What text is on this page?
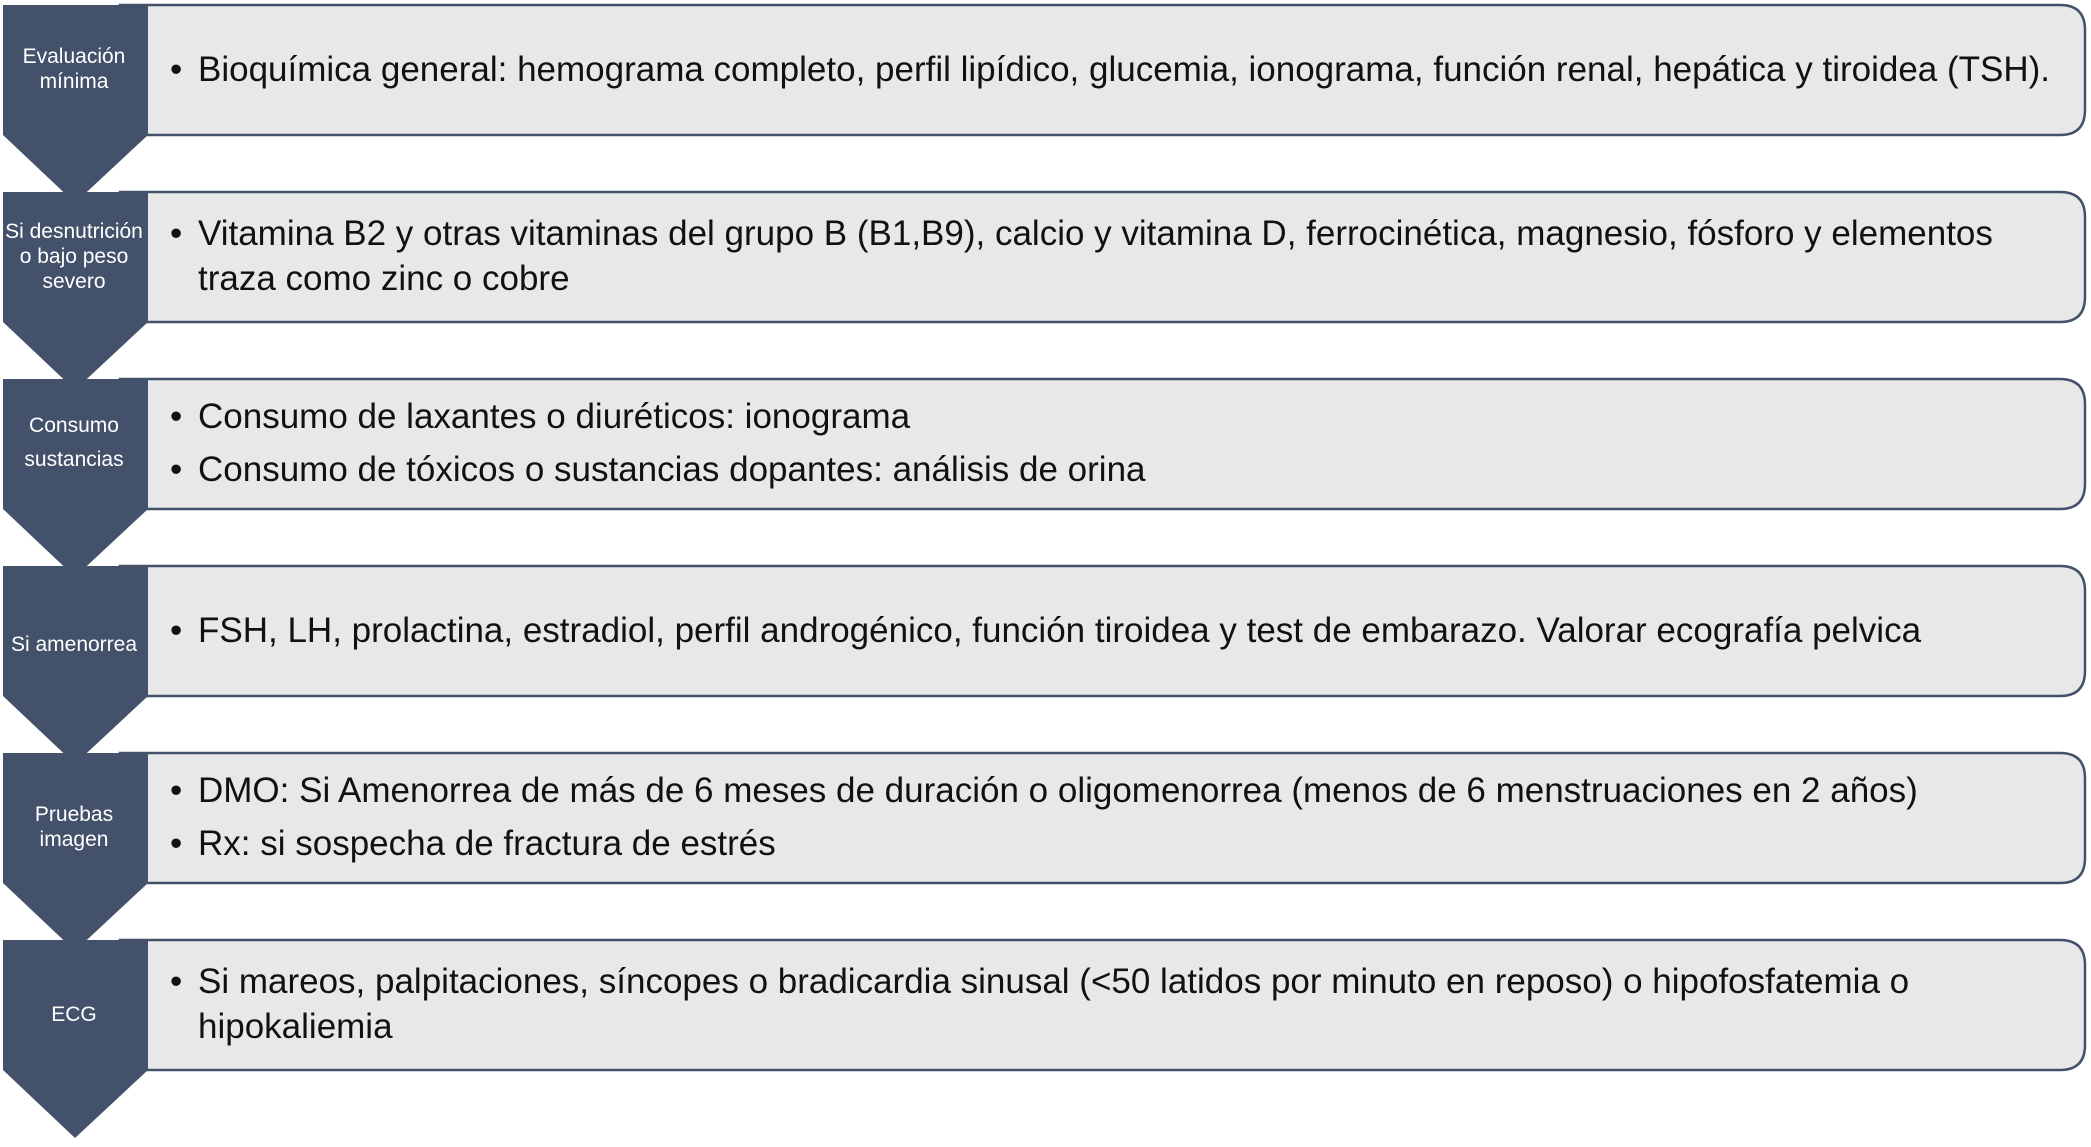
Evaluación
mínima	• Bioquímica general: hemograma completo, perfil lipídico, glucemia, ionograma, función renal, hepática y tiroidea (TSH).
Si desnutrición
o bajo peso
severo
• Vitamina B2 y otras vitaminas del grupo B (B1,B9), calcio y vitamina D, ferrocinética, magnesio, fósforo y elementos traza como zinc o cobre
Consumo
sustancias
• Consumo de laxantes o diuréticos: ionograma
• Consumo de tóxicos o sustancias dopantes: análisis de orina
Si amenorrea • FSH, LH, prolactina, estradiol, perfil androgénico, función tiroidea y test de embarazo. Valorar ecografía pelvica
Pruebas
imagen
• DMO: Si Amenorrea de más de 6 meses de duración o oligomenorrea (menos de 6 menstruaciones en 2 años)
• Rx: si sospecha de fractura de estrés
ECG
• Si mareos, palpitaciones, síncopes o bradicardia sinusal (<50 latidos por minuto en reposo) o hipofosfatemia o hipokaliemia
